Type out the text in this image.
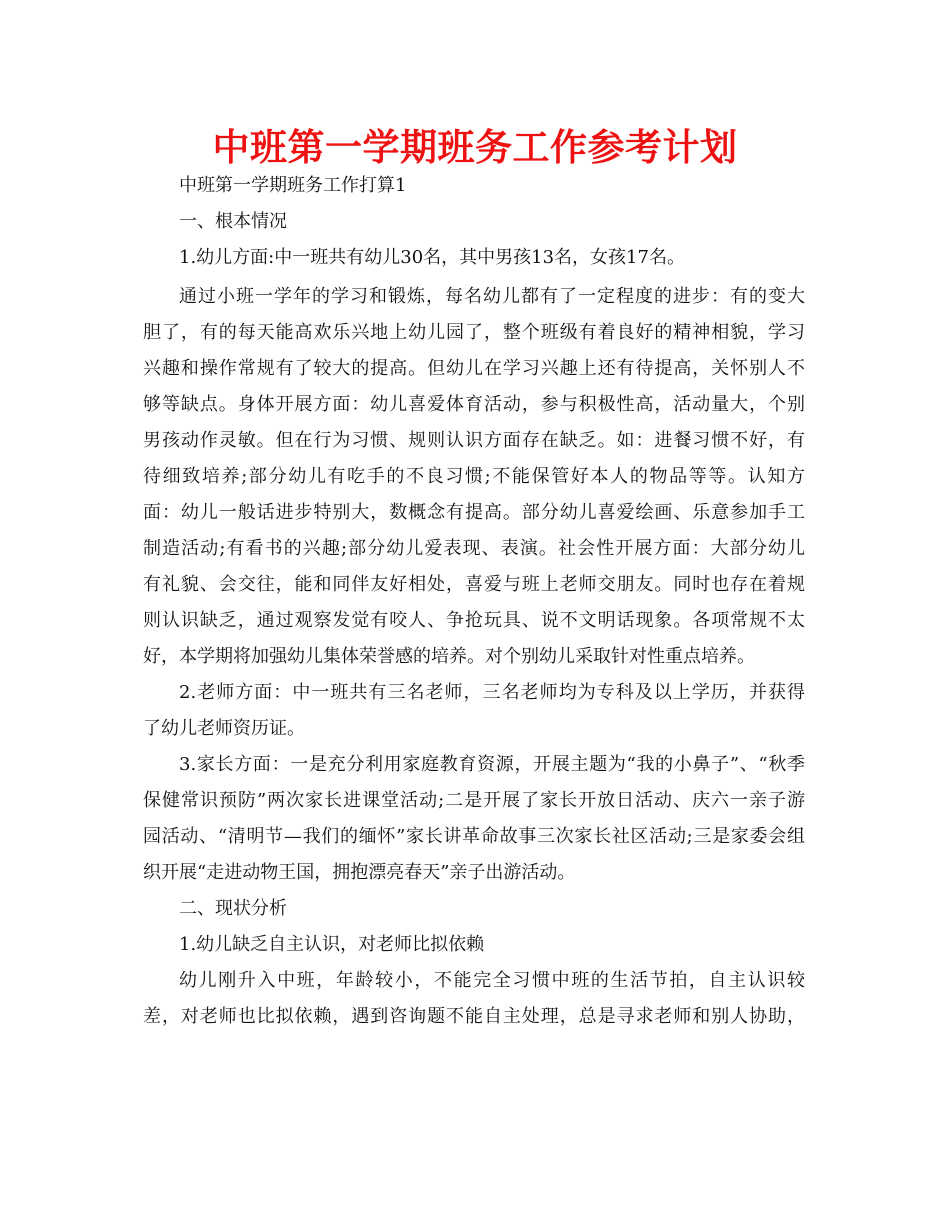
中班第一学期班务工作参考计划
中班第一学期班务工作打算1
一、根本情况
1.幼儿方面:中一班共有幼儿30名，其中男孩13名，女孩17名。
通过小班一学年的学习和锻炼，每名幼儿都有了一定程度的进步：有的变大
胆了，有的每天能高欢乐兴地上幼儿园了，整个班级有着良好的精神相貌，学习
兴趣和操作常规有了较大的提高。但幼儿在学习兴趣上还有待提高，关怀别人不
够等缺点。身体开展方面：幼儿喜爱体育活动，参与积极性高，活动量大，个别
男孩动作灵敏。但在行为习惯、规则认识方面存在缺乏。如：进餐习惯不好，有
待细致培养;部分幼儿有吃手的不良习惯;不能保管好本人的物品等等。认知方
面：幼儿一般话进步特别大，数概念有提高。部分幼儿喜爱绘画、乐意参加手工
制造活动;有看书的兴趣;部分幼儿爱表现、表演。社会性开展方面：大部分幼儿
有礼貌、会交往，能和同伴友好相处，喜爱与班上老师交朋友。同时也存在着规
则认识缺乏，通过观察发觉有咬人、争抢玩具、说不文明话现象。各项常规不太
好，本学期将加强幼儿集体荣誉感的培养。对个别幼儿采取针对性重点培养。
2.老师方面：中一班共有三名老师，三名老师均为专科及以上学历，并获得
了幼儿老师资历证。
3.家长方面：一是充分利用家庭教育资源，开展主题为“我的小鼻子”、“秋季
保健常识预防”两次家长进课堂活动;二是开展了家长开放日活动、庆六一亲子游
园活动、“清明节—我们的缅怀”家长讲革命故事三次家长社区活动;三是家委会组
织开展“走进动物王国，拥抱漂亮春天”亲子出游活动。
二、现状分析
1.幼儿缺乏自主认识，对老师比拟依赖
幼儿刚升入中班，年龄较小，不能完全习惯中班的生活节拍，自主认识较
差，对老师也比拟依赖，遇到咨询题不能自主处理，总是寻求老师和别人协助，
